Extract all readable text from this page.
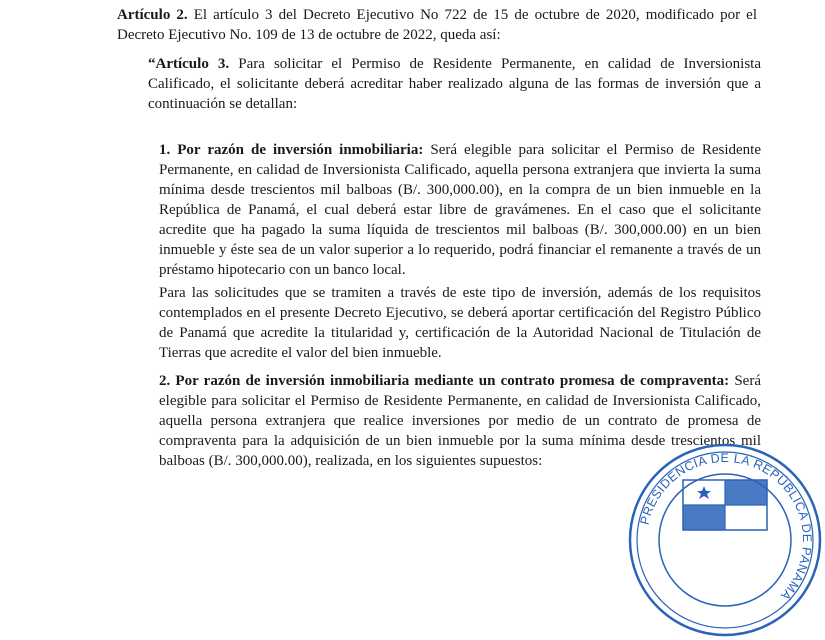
Artículo 2. El artículo 3 del Decreto Ejecutivo No 722 de 15 de octubre de 2020, modificado por el Decreto Ejecutivo No. 109 de 13 de octubre de 2022, queda así:

“Artículo 3. Para solicitar el Permiso de Residente Permanente, en calidad de Inversionista Calificado, el solicitante deberá acreditar haber realizado alguna de las formas de inversión que a continuación se detallan:

1. Por razón de inversión inmobiliaria: Será elegible para solicitar el Permiso de Residente Permanente, en calidad de Inversionista Calificado, aquella persona extranjera que invierta la suma mínima desde trescientos mil balboas (B/. 300,000.00), en la compra de un bien inmueble en la República de Panamá, el cual deberá estar libre de gravámenes. En el caso que el solicitante acredite que ha pagado la suma líquida de trescientos mil balboas (B/. 300,000.00) en un bien inmueble y éste sea de un valor superior a lo requerido, podrá financiar el remanente a través de un préstamo hipotecario con un banco local.

Para las solicitudes que se tramiten a través de este tipo de inversión, además de los requisitos contemplados en el presente Decreto Ejecutivo, se deberá aportar certificación del Registro Público de Panamá que acredite la titularidad y, certificación de la Autoridad Nacional de Titulación de Tierras que acredite el valor del bien inmueble.

2. Por razón de inversión inmobiliaria mediante un contrato promesa de compraventa: Será elegible para solicitar el Permiso de Residente Permanente, en calidad de Inversionista Calificado, aquella persona extranjera que realice inversiones por medio de un contrato de promesa de compraventa para la adquisición de un bien inmueble por la suma mínima desde trescientos mil balboas (B/. 300,000.00), realizada, en los siguientes supuestos:

PRESIDENCIA DE LA REPÚBLICA DE PANAMÁ
